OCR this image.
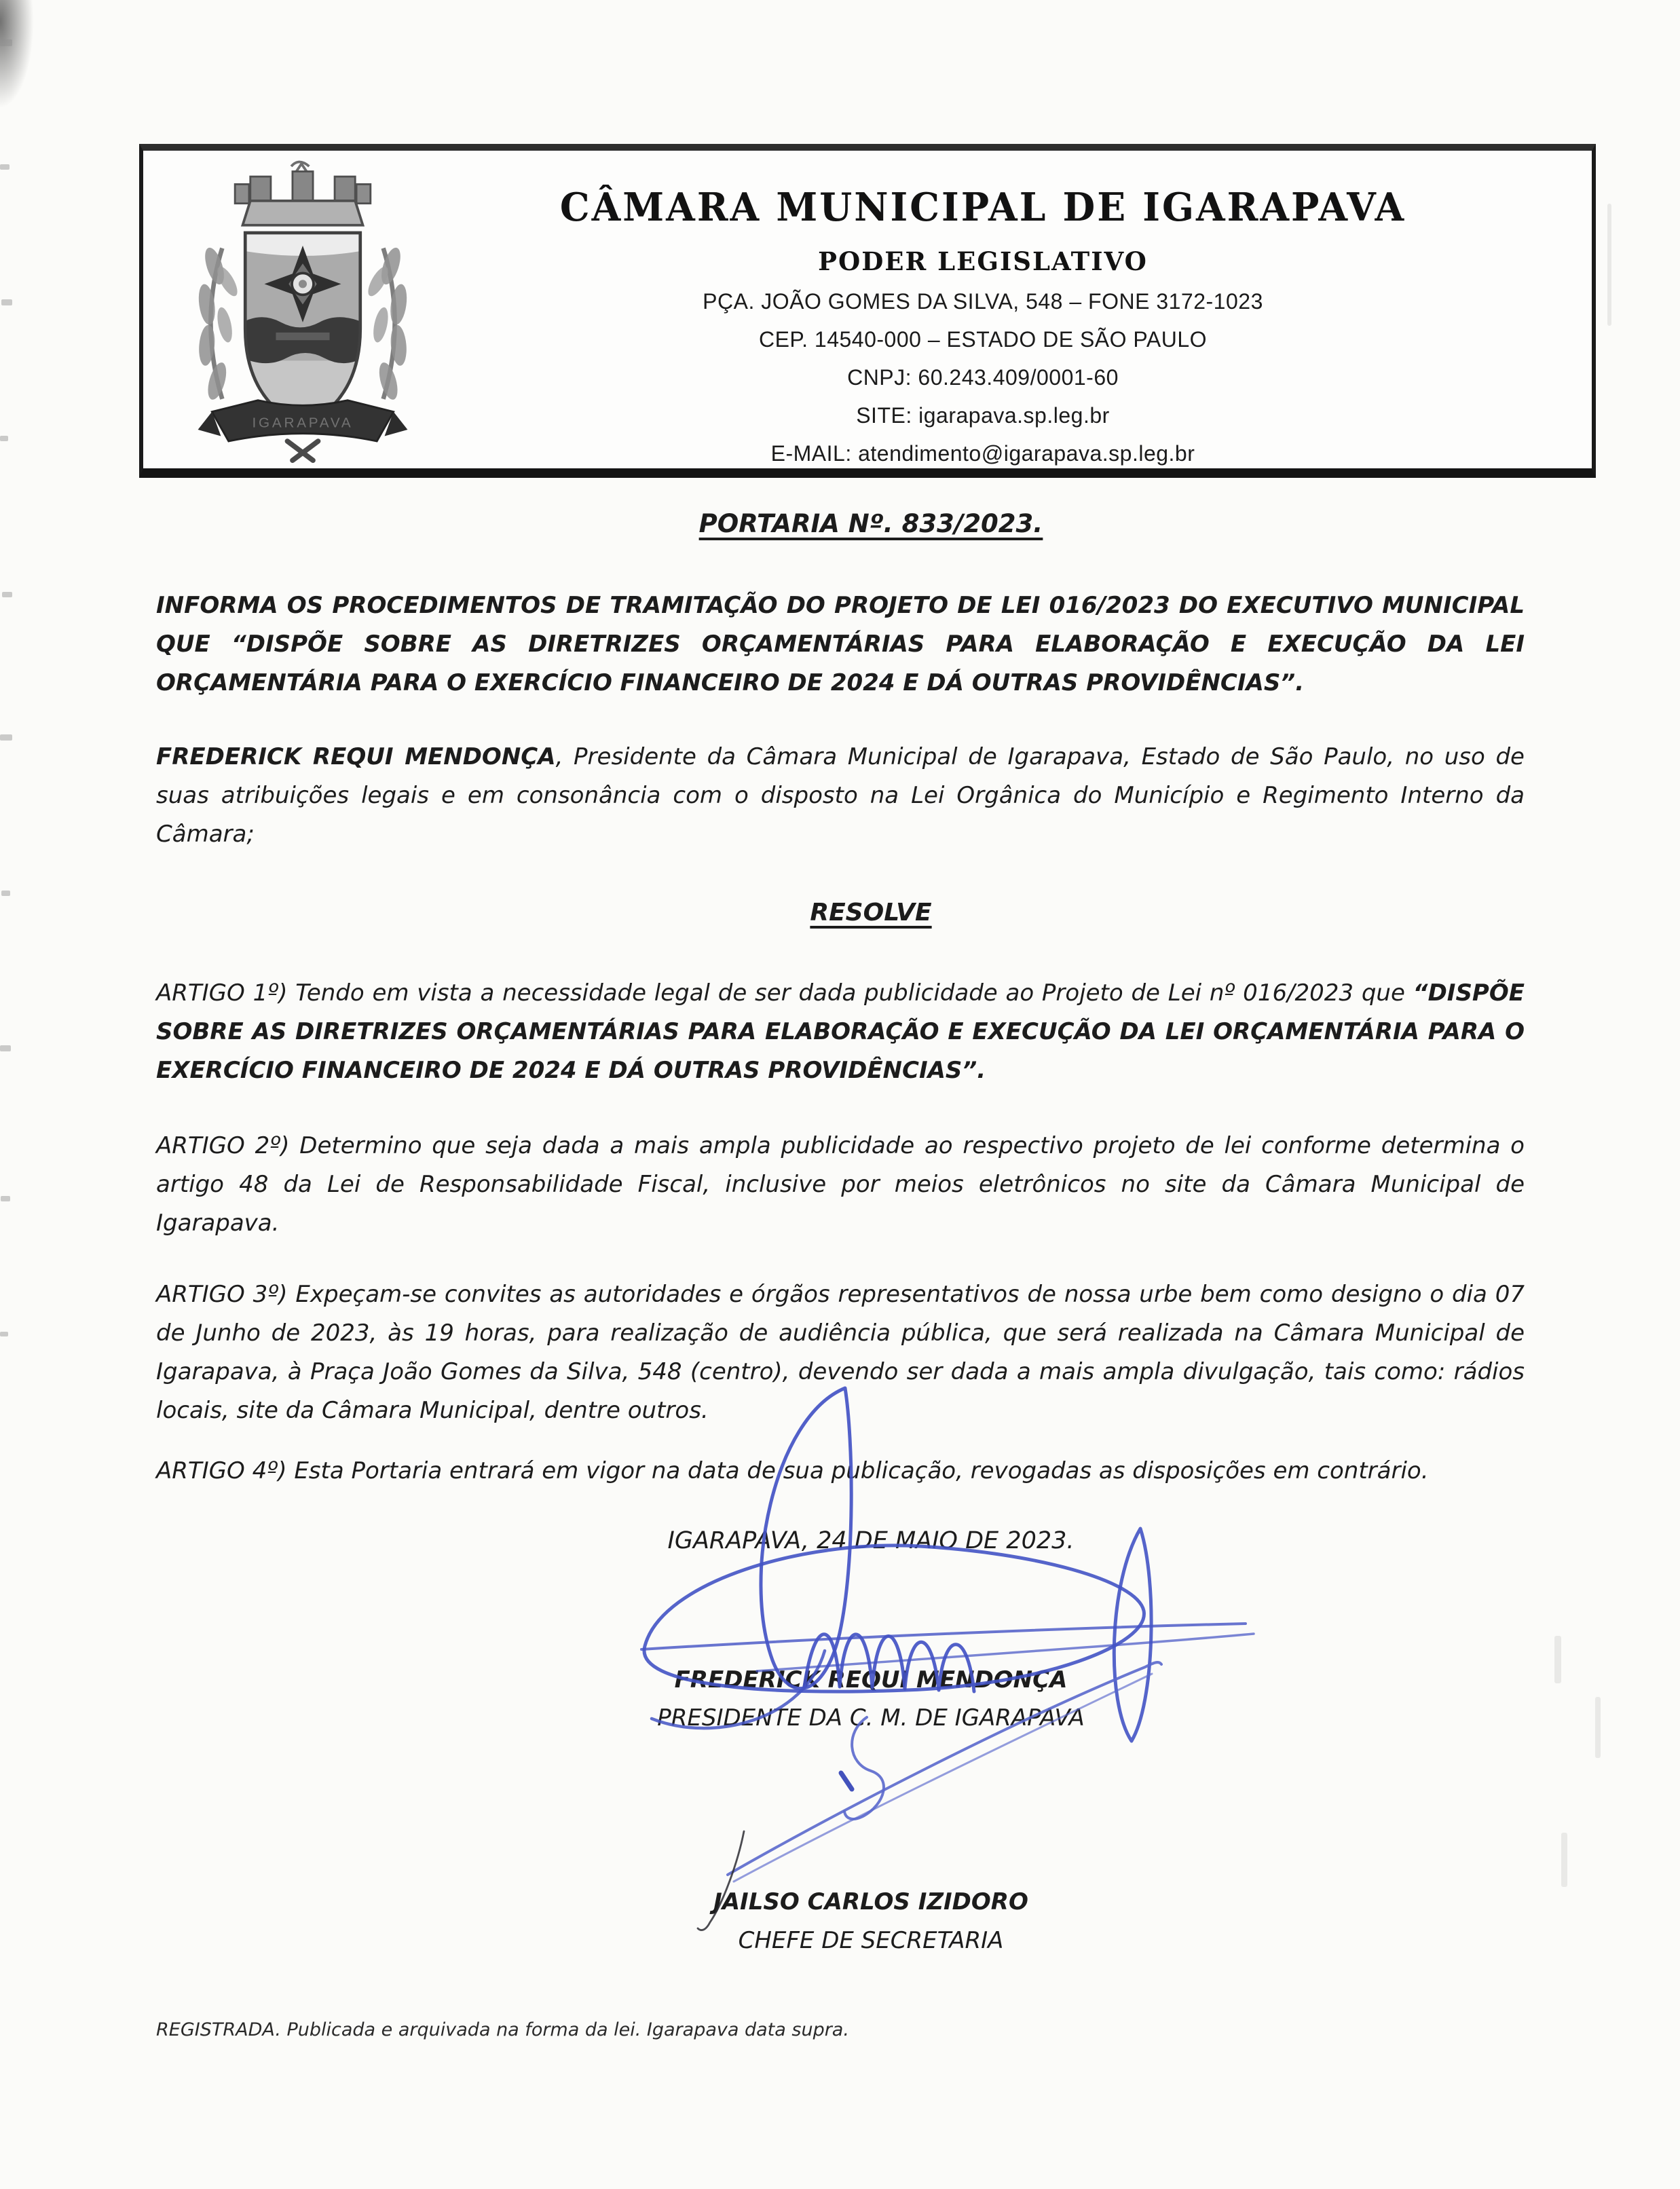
IGARAPAVA
CÂMARA MUNICIPAL DE IGARAPAVA
PODER LEGISLATIVO
PÇA. JOÃO GOMES DA SILVA, 548 – FONE 3172-1023
CEP. 14540-000 – ESTADO DE SÃO PAULO
CNPJ: 60.243.409/0001-60
SITE: igarapava.sp.leg.br
E-MAIL: atendimento@igarapava.sp.leg.br

PORTARIA Nº. 833/2023.

INFORMA OS PROCEDIMENTOS DE TRAMITAÇÃO DO PROJETO DE LEI 016/2023 DO EXECUTIVO MUNICIPAL QUE “DISPÕE SOBRE AS DIRETRIZES ORÇAMENTÁRIAS PARA ELABORAÇÃO E EXECUÇÃO DA LEI ORÇAMENTÁRIA PARA O EXERCÍCIO FINANCEIRO DE 2024 E DÁ OUTRAS PROVIDÊNCIAS”.

FREDERICK REQUI MENDONÇA, Presidente da Câmara Municipal de Igarapava, Estado de São Paulo, no uso de suas atribuições legais e em consonância com o disposto na Lei Orgânica do Município e Regimento Interno da Câmara;

RESOLVE

ARTIGO 1º) Tendo em vista a necessidade legal de ser dada publicidade ao Projeto de Lei nº 016/2023 que “DISPÕE SOBRE AS DIRETRIZES ORÇAMENTÁRIAS PARA ELABORAÇÃO E EXECUÇÃO DA LEI ORÇAMENTÁRIA PARA O EXERCÍCIO FINANCEIRO DE 2024 E DÁ OUTRAS PROVIDÊNCIAS”.

ARTIGO 2º) Determino que seja dada a mais ampla publicidade ao respectivo projeto de lei conforme determina o artigo 48 da Lei de Responsabilidade Fiscal, inclusive por meios eletrônicos no site da Câmara Municipal de Igarapava.

ARTIGO 3º) Expeçam-se convites as autoridades e órgãos representativos de nossa urbe bem como designo o dia 07 de Junho de 2023, às 19 horas, para realização de audiência pública, que será realizada na Câmara Municipal de Igarapava, à Praça João Gomes da Silva, 548 (centro), devendo ser dada a mais ampla divulgação, tais como: rádios locais, site da Câmara Municipal, dentre outros.

ARTIGO 4º) Esta Portaria entrará em vigor na data de sua publicação, revogadas as disposições em contrário.

IGARAPAVA, 24 DE MAIO DE 2023.

FREDERICK REQUI MENDONÇA

PRESIDENTE DA C. M. DE IGARAPAVA

JAILSO CARLOS IZIDORO

CHEFE DE SECRETARIA

REGISTRADA. Publicada e arquivada na forma da lei. Igarapava data supra.
